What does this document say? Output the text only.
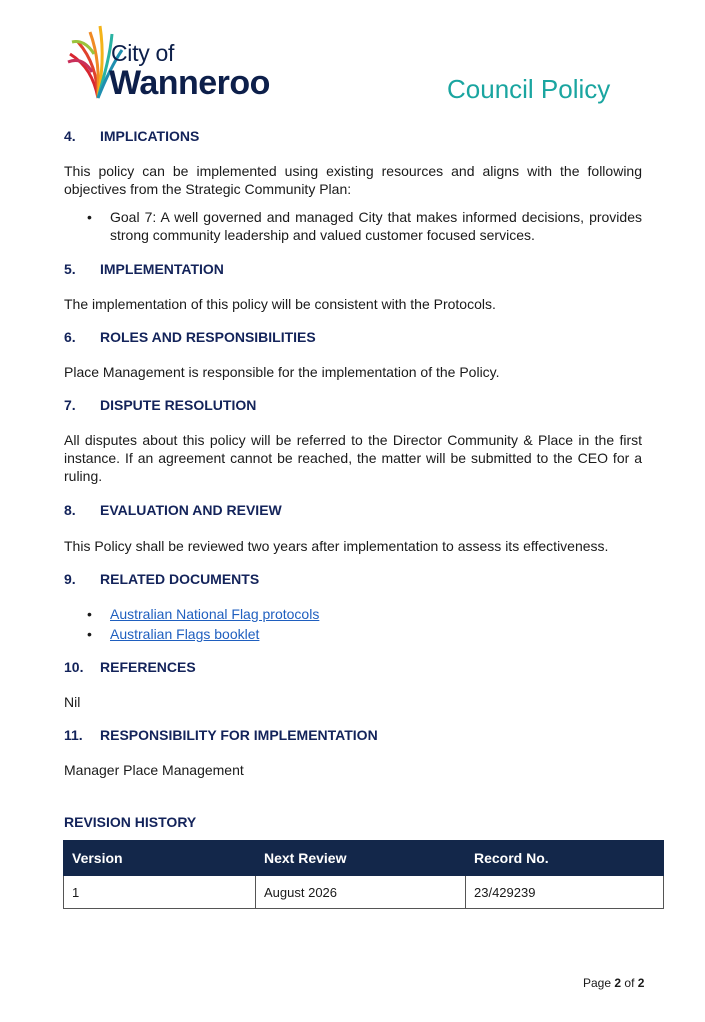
City of
Wanneroo	Council Policy
4. IMPLICATIONS
This policy can be implemented using existing resources and aligns with the following objectives from the Strategic Community Plan:
• Goal 7: A well governed and managed City that makes informed decisions, provides strong community leadership and valued customer focused services.
5. IMPLEMENTATION
The implementation of this policy will be consistent with the Protocols.
6. ROLES AND RESPONSIBILITIES
Place Management is responsible for the implementation of the Policy.
7. DISPUTE RESOLUTION
All disputes about this policy will be referred to the Director Community & Place in the first instance. If an agreement cannot be reached, the matter will be submitted to the CEO for a ruling.
8. EVALUATION AND REVIEW
This Policy shall be reviewed two years after implementation to assess its effectiveness.
9. RELATED DOCUMENTS
• Australian National Flag protocols
• Australian Flags booklet
10. REFERENCES
Nil
11. RESPONSIBILITY FOR IMPLEMENTATION
Manager Place Management
REVISION HISTORY
Version	Next Review	Record No.
1	August 2026	23/429239
Page 2 of 2
